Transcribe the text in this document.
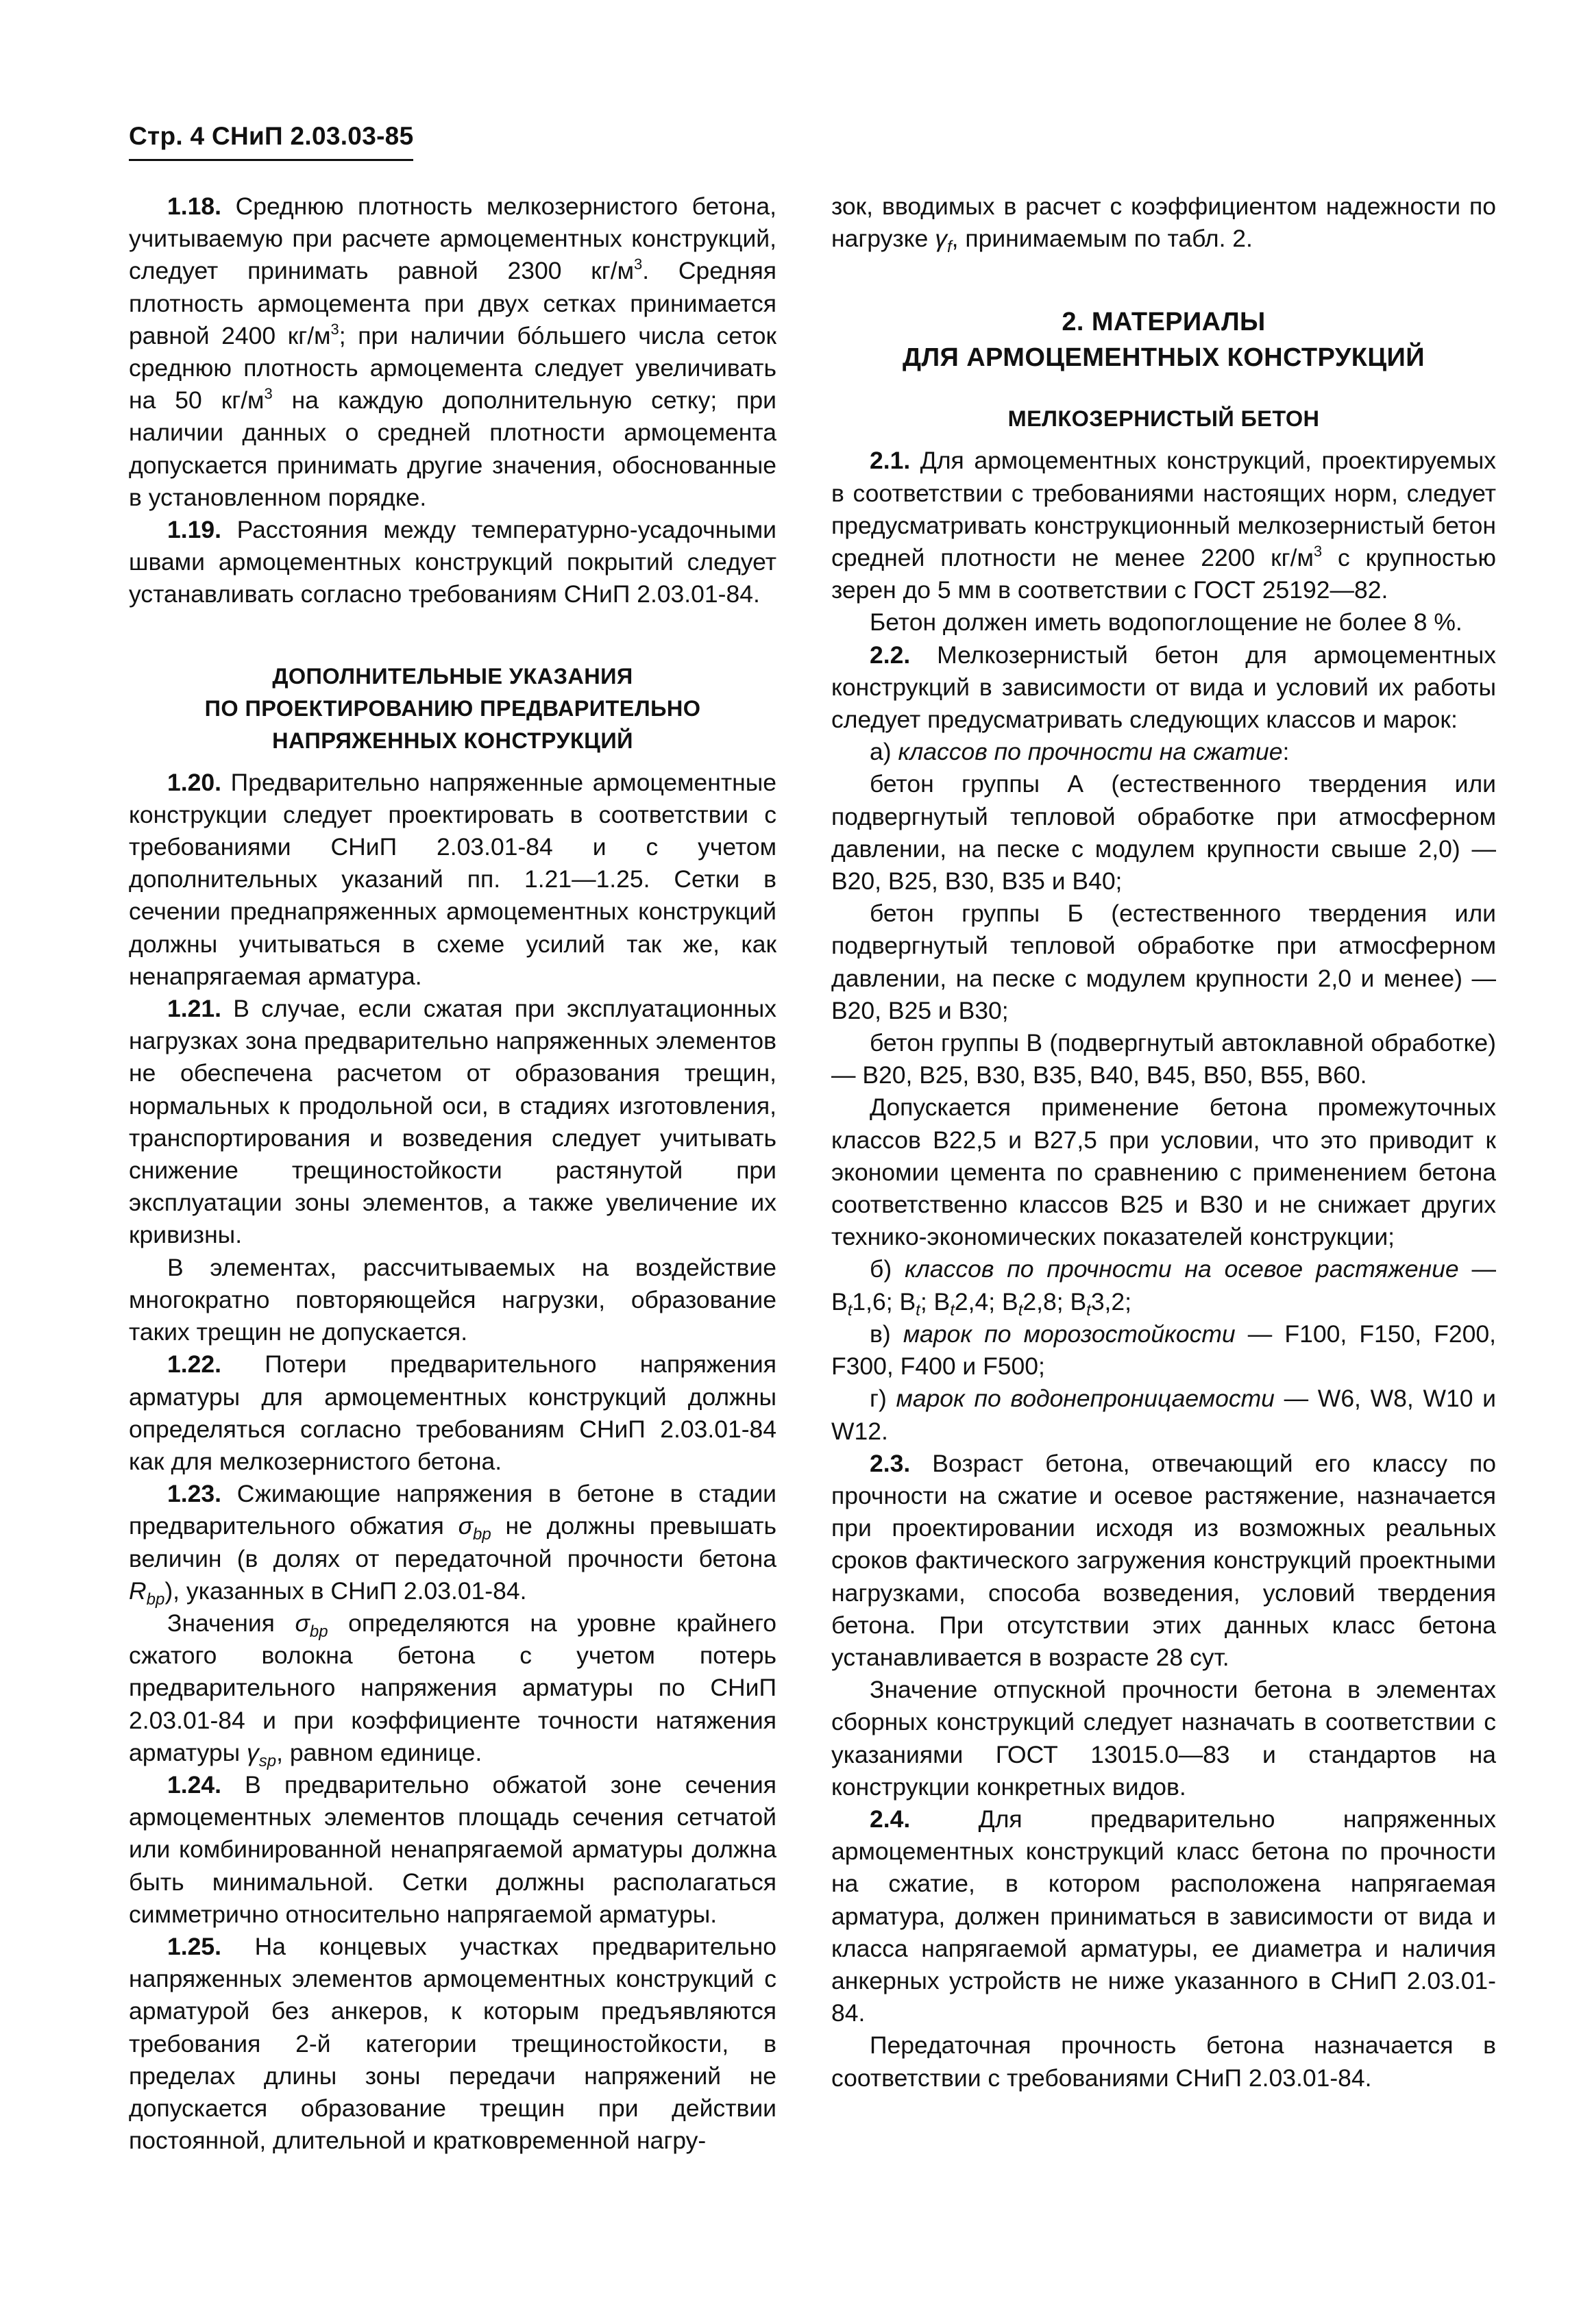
Стр. 4 СНиП 2.03.03-85

1.18. Среднюю плотность мелкозернистого бетона, учитываемую при расчете армоцементных конструкций, следует принимать равной 2300 $кг/м^3$. Средняя плотность армоцемента при двух сетках принимается равной 2400 $кг/м^3$; при наличии бóльшего числа сеток среднюю плотность армоцемента следует увеличивать на 50 $кг/м^3$ на каждую дополнительную сетку; при наличии данных о средней плотности армоцемента допускается принимать другие значения, обоснованные в установленном порядке.

1.19. Расстояния между температурно-усадочными швами армоцементных конструкций покрытий следует устанавливать согласно требованиям СНиП 2.03.01-84.

ДОПОЛНИТЕЛЬНЫЕ УКАЗАНИЯ
ПО ПРОЕКТИРОВАНИЮ ПРЕДВАРИТЕЛЬНО
НАПРЯЖЕННЫХ КОНСТРУКЦИЙ

1.20. Предварительно напряженные армоцементные конструкции следует проектировать в соответствии с требованиями СНиП 2.03.01-84 и с учетом дополнительных указаний пп. 1.21—1.25. Сетки в сечении преднапряженных армоцементных конструкций должны учитываться в схеме усилий так же, как ненапрягаемая арматура.

1.21. В случае, если сжатая при эксплуатационных нагрузках зона предварительно напряженных элементов не обеспечена расчетом от образования трещин, нормальных к продольной оси, в стадиях изготовления, транспортирования и возведения следует учитывать снижение трещиностойкости растянутой при эксплуатации зоны элементов, а также увеличение их кривизны.

В элементах, рассчитываемых на воздействие многократно повторяющейся нагрузки, образование таких трещин не допускается.

1.22. Потери предварительного напряжения арматуры для армоцементных конструкций должны определяться согласно требованиям СНиП 2.03.01-84 как для мелкозернистого бетона.

1.23. Сжимающие напряжения в бетоне в стадии предварительного обжатия $\sigma_{bp}$ не должны превышать величин (в долях от передаточной прочности бетона $R_{bp}$), указанных в СНиП 2.03.01-84.

Значения $\sigma_{bp}$ определяются на уровне крайнего сжатого волокна бетона с учетом потерь предварительного напряжения арматуры по СНиП 2.03.01-84 и при коэффициенте точности натяжения арматуры $\gamma_{sp}$, равном единице.

1.24. В предварительно обжатой зоне сечения армоцементных элементов площадь сечения сетчатой или комбинированной ненапрягаемой арматуры должна быть минимальной. Сетки должны располагаться симметрично относительно напрягаемой арматуры.

1.25. На концевых участках предварительно напряженных элементов армоцементных конструкций с арматурой без анкеров, к которым предъявляются требования 2-й категории трещиностойкости, в пределах длины зоны передачи напряжений не допускается образование трещин при действии постоянной, длительной и кратковременной нагру-

зок, вводимых в расчет с коэффициентом надежности по нагрузке $\gamma_f$, принимаемым по табл. 2.

2. МАТЕРИАЛЫ
ДЛЯ АРМОЦЕМЕНТНЫХ КОНСТРУКЦИЙ

МЕЛКОЗЕРНИСТЫЙ БЕТОН

2.1. Для армоцементных конструкций, проектируемых в соответствии с требованиями настоящих норм, следует предусматривать конструкционный мелкозернистый бетон средней плотности не менее 2200 $кг/м^3$ с крупностью зерен до 5 мм в соответствии с ГОСТ 25192—82.

Бетон должен иметь водопоглощение не более 8 %.

2.2. Мелкозернистый бетон для армоцементных конструкций в зависимости от вида и условий их работы следует предусматривать следующих классов и марок:

а) классов по прочности на сжатие:

бетон группы А (естественного твердения или подвергнутый тепловой обработке при атмосферном давлении, на песке с модулем крупности свыше 2,0) — В20, В25, В30, В35 и В40;

бетон группы Б (естественного твердения или подвергнутый тепловой обработке при атмосферном давлении, на песке с модулем крупности 2,0 и менее) — В20, В25 и В30;

бетон группы В (подвергнутый автоклавной обработке) — В20, В25, В30, В35, В40, В45, В50, В55, В60.

Допускается применение бетона промежуточных классов В22,5 и В27,5 при условии, что это приводит к экономии цемента по сравнению с применением бетона соответственно классов В25 и В30 и не снижает других технико-экономических показателей конструкции;

б) классов по прочности на осевое растяжение — $B_t1,6$; $B_t$; $B_t2,4$; $B_t2,8$; $B_t3,2$;

в) марок по морозостойкости — F100, F150, F200, F300, F400 и F500;

г) марок по водонепроницаемости — W6, W8, W10 и W12.

2.3. Возраст бетона, отвечающий его классу по прочности на сжатие и осевое растяжение, назначается при проектировании исходя из возможных реальных сроков фактического загружения конструкций проектными нагрузками, способа возведения, условий твердения бетона. При отсутствии этих данных класс бетона устанавливается в возрасте 28 сут.

Значение отпускной прочности бетона в элементах сборных конструкций следует назначать в соответствии с указаниями ГОСТ 13015.0—83 и стандартов на конструкции конкретных видов.

2.4.	Для предварительно напряженных армоцементных конструкций класс бетона по прочности на сжатие, в котором расположена напрягаемая арматура, должен приниматься в зависимости от вида и класса напрягаемой арматуры, ее диаметра и наличия анкерных устройств не ниже указанного в СНиП 2.03.01-84.

Передаточная прочность бетона назначается в соответствии с требованиями СНиП 2.03.01-84.
